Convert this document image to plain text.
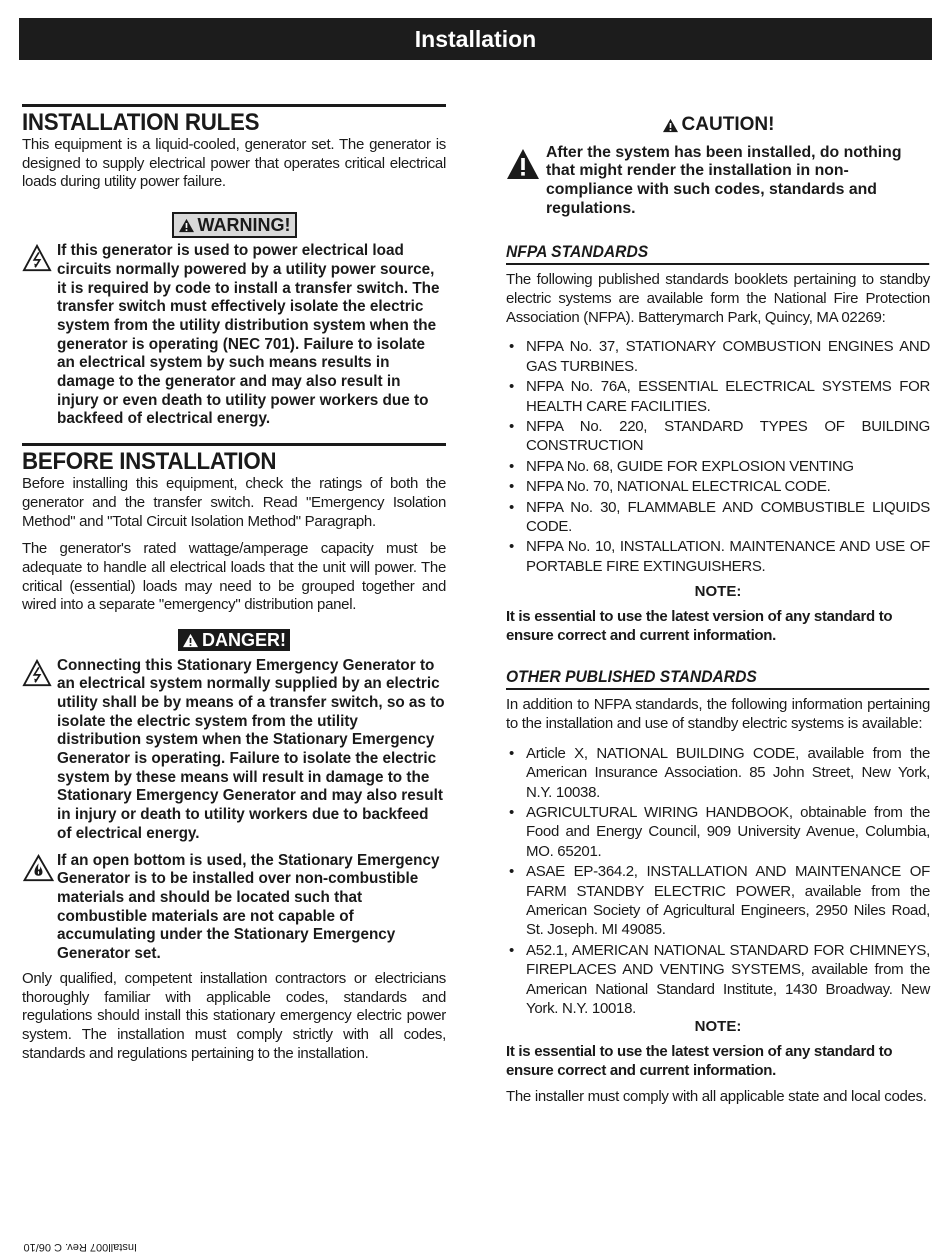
Installation
INSTALLATION RULES

This equipment is a liquid-cooled, generator set. The generator is designed to supply electrical power that operates critical electrical loads during utility power failure.

WARNING!

If this generator is used to power electrical load circuits normally powered by a utility power source, it is required by code to install a transfer switch. The transfer switch must effectively isolate the electric system from the utility distribution system when the generator is operating (NEC 701). Failure to isolate an electrical system by such means results in damage to the generator and may also result in injury or even death to utility power workers due to backfeed of electrical energy.

BEFORE INSTALLATION

Before installing this equipment, check the ratings of both the generator and the transfer switch. Read "Emergency Isolation Method" and "Total Circuit Isolation Method" Paragraph.

The generator's rated wattage/amperage capacity must be adequate to handle all electrical loads that the unit will power. The critical (essential) loads may need to be grouped together and wired into a separate "emergency" distribution panel.

DANGER!

Connecting this Stationary Emergency Generator to an electrical system normally supplied by an electric utility shall be by means of a transfer switch, so as to isolate the electric system from the utility distribution system when the Stationary Emergency Generator is operating. Failure to isolate the electric system by these means will result in damage to the Stationary Emergency Generator and may also result in injury or death to utility workers due to backfeed of electrical energy.

If an open bottom is used, the Stationary Emergency Generator is to be installed over non-combustible materials and should be located such that combustible materials are not capable of accumulating under the Stationary Emergency Generator set.

Only qualified, competent installation contractors or electricians thoroughly familiar with applicable codes, standards and regulations should install this stationary emergency electric power system. The installation must comply strictly with all codes, standards and regulations pertaining to the installation.

CAUTION!

After the system has been installed, do nothing that might render the installation in non-compliance with such codes, standards and regulations.

NFPA STANDARDS

The following published standards booklets pertaining to standby electric systems are available form the National Fire Protection Association (NFPA). Batterymarch Park, Quincy, MA 02269:

• NFPA No. 37, STATIONARY COMBUSTION ENGINES AND GAS TURBINES.
• NFPA No. 76A, ESSENTIAL ELECTRICAL SYSTEMS FOR HEALTH CARE FACILITIES.
• NFPA No. 220, STANDARD TYPES OF BUILDING CONSTRUCTION
• NFPA No. 68, GUIDE FOR EXPLOSION VENTING
• NFPA No. 70, NATIONAL ELECTRICAL CODE.
• NFPA No. 30, FLAMMABLE AND COMBUSTIBLE LIQUIDS CODE.
• NFPA No. 10, INSTALLATION. MAINTENANCE AND USE OF PORTABLE FIRE EXTINGUISHERS.
NOTE:

It is essential to use the latest version of any standard to ensure correct and current information.

OTHER PUBLISHED STANDARDS

In addition to NFPA standards, the following information pertaining to the installation and use of standby electric systems is available:

• Article X, NATIONAL BUILDING CODE, available from the American Insurance Association. 85 John Street, New York, N.Y. 10038.
• AGRICULTURAL WIRING HANDBOOK, obtainable from the Food and Energy Council, 909 University Avenue, Columbia, MO. 65201.
• ASAE EP-364.2, INSTALLATION AND MAINTENANCE OF FARM STANDBY ELECTRIC POWER, available from the American Society of Agricultural Engineers, 2950 Niles Road, St. Joseph. MI 49085.
• A52.1, AMERICAN NATIONAL STANDARD FOR CHIMNEYS, FIREPLACES AND VENTING SYSTEMS, available from the American National Standard Institute, 1430 Broadway. New York. N.Y. 10018.
NOTE:

It is essential to use the latest version of any standard to ensure correct and current information.

The installer must comply with all applicable state and local codes.

Install007 Rev. C 06/10
